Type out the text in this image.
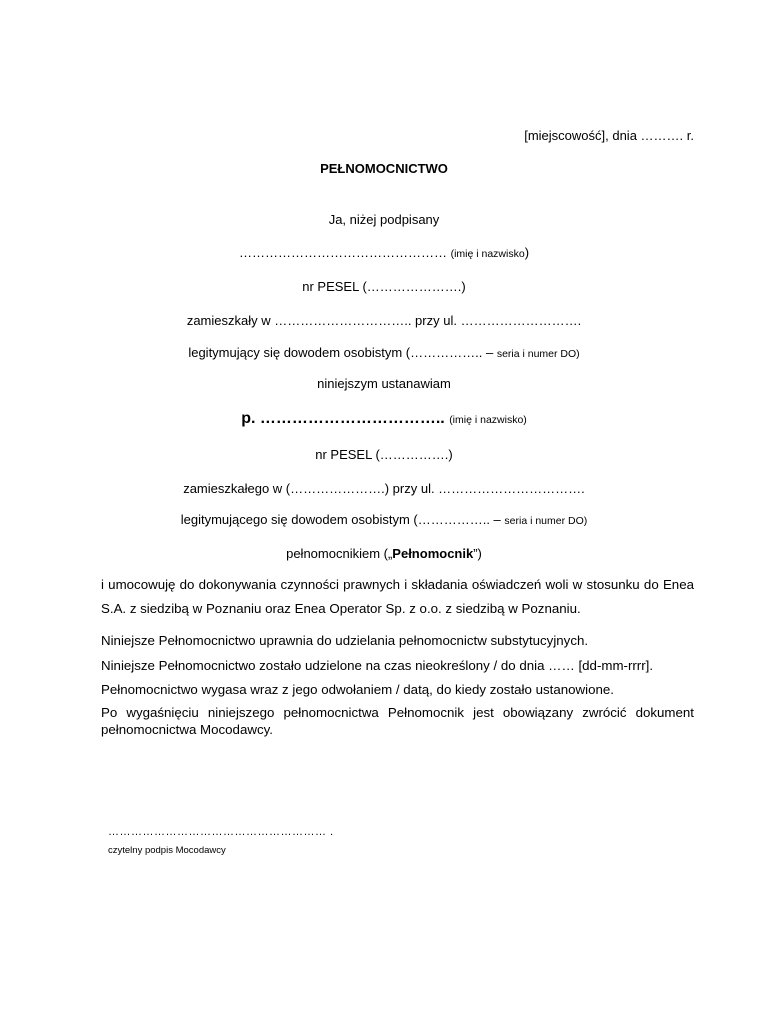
[miejscowość], dnia ………. r.
PEŁNOMOCNICTWO
Ja, niżej podpisany
………………………………………… (imię i nazwisko)
nr PESEL (………………….)
zamieszkały w ………………………….. przy ul. ……………………….
legitymujący się dowodem osobistym (…………….. – seria i numer DO)
niniejszym ustanawiam
p. …………………………….. (imię i nazwisko)
nr PESEL (…………….)
zamieszkałego w (………………….) przy ul. …………………………….
legitymującego się dowodem osobistym (…………….. – seria i numer DO)
pełnomocnikiem („Pełnomocnik”)
i umocowuję do dokonywania czynności prawnych i składania oświadczeń woli w stosunku do Enea S.A. z siedzibą w Poznaniu oraz Enea Operator Sp. z o.o. z siedzibą w Poznaniu.
Niniejsze Pełnomocnictwo uprawnia do udzielania pełnomocnictw substytucyjnych.
Niniejsze Pełnomocnictwo zostało udzielone na czas nieokreślony / do dnia …… [dd-mm-rrrr].
Pełnomocnictwo wygasa wraz z jego odwołaniem / datą, do kiedy zostało ustanowione.
Po wygaśnięciu niniejszego pełnomocnictwa Pełnomocnik jest obowiązany zwrócić dokument pełnomocnictwa Mocodawcy.
………………………………………………… .
czytelny podpis Mocodawcy
